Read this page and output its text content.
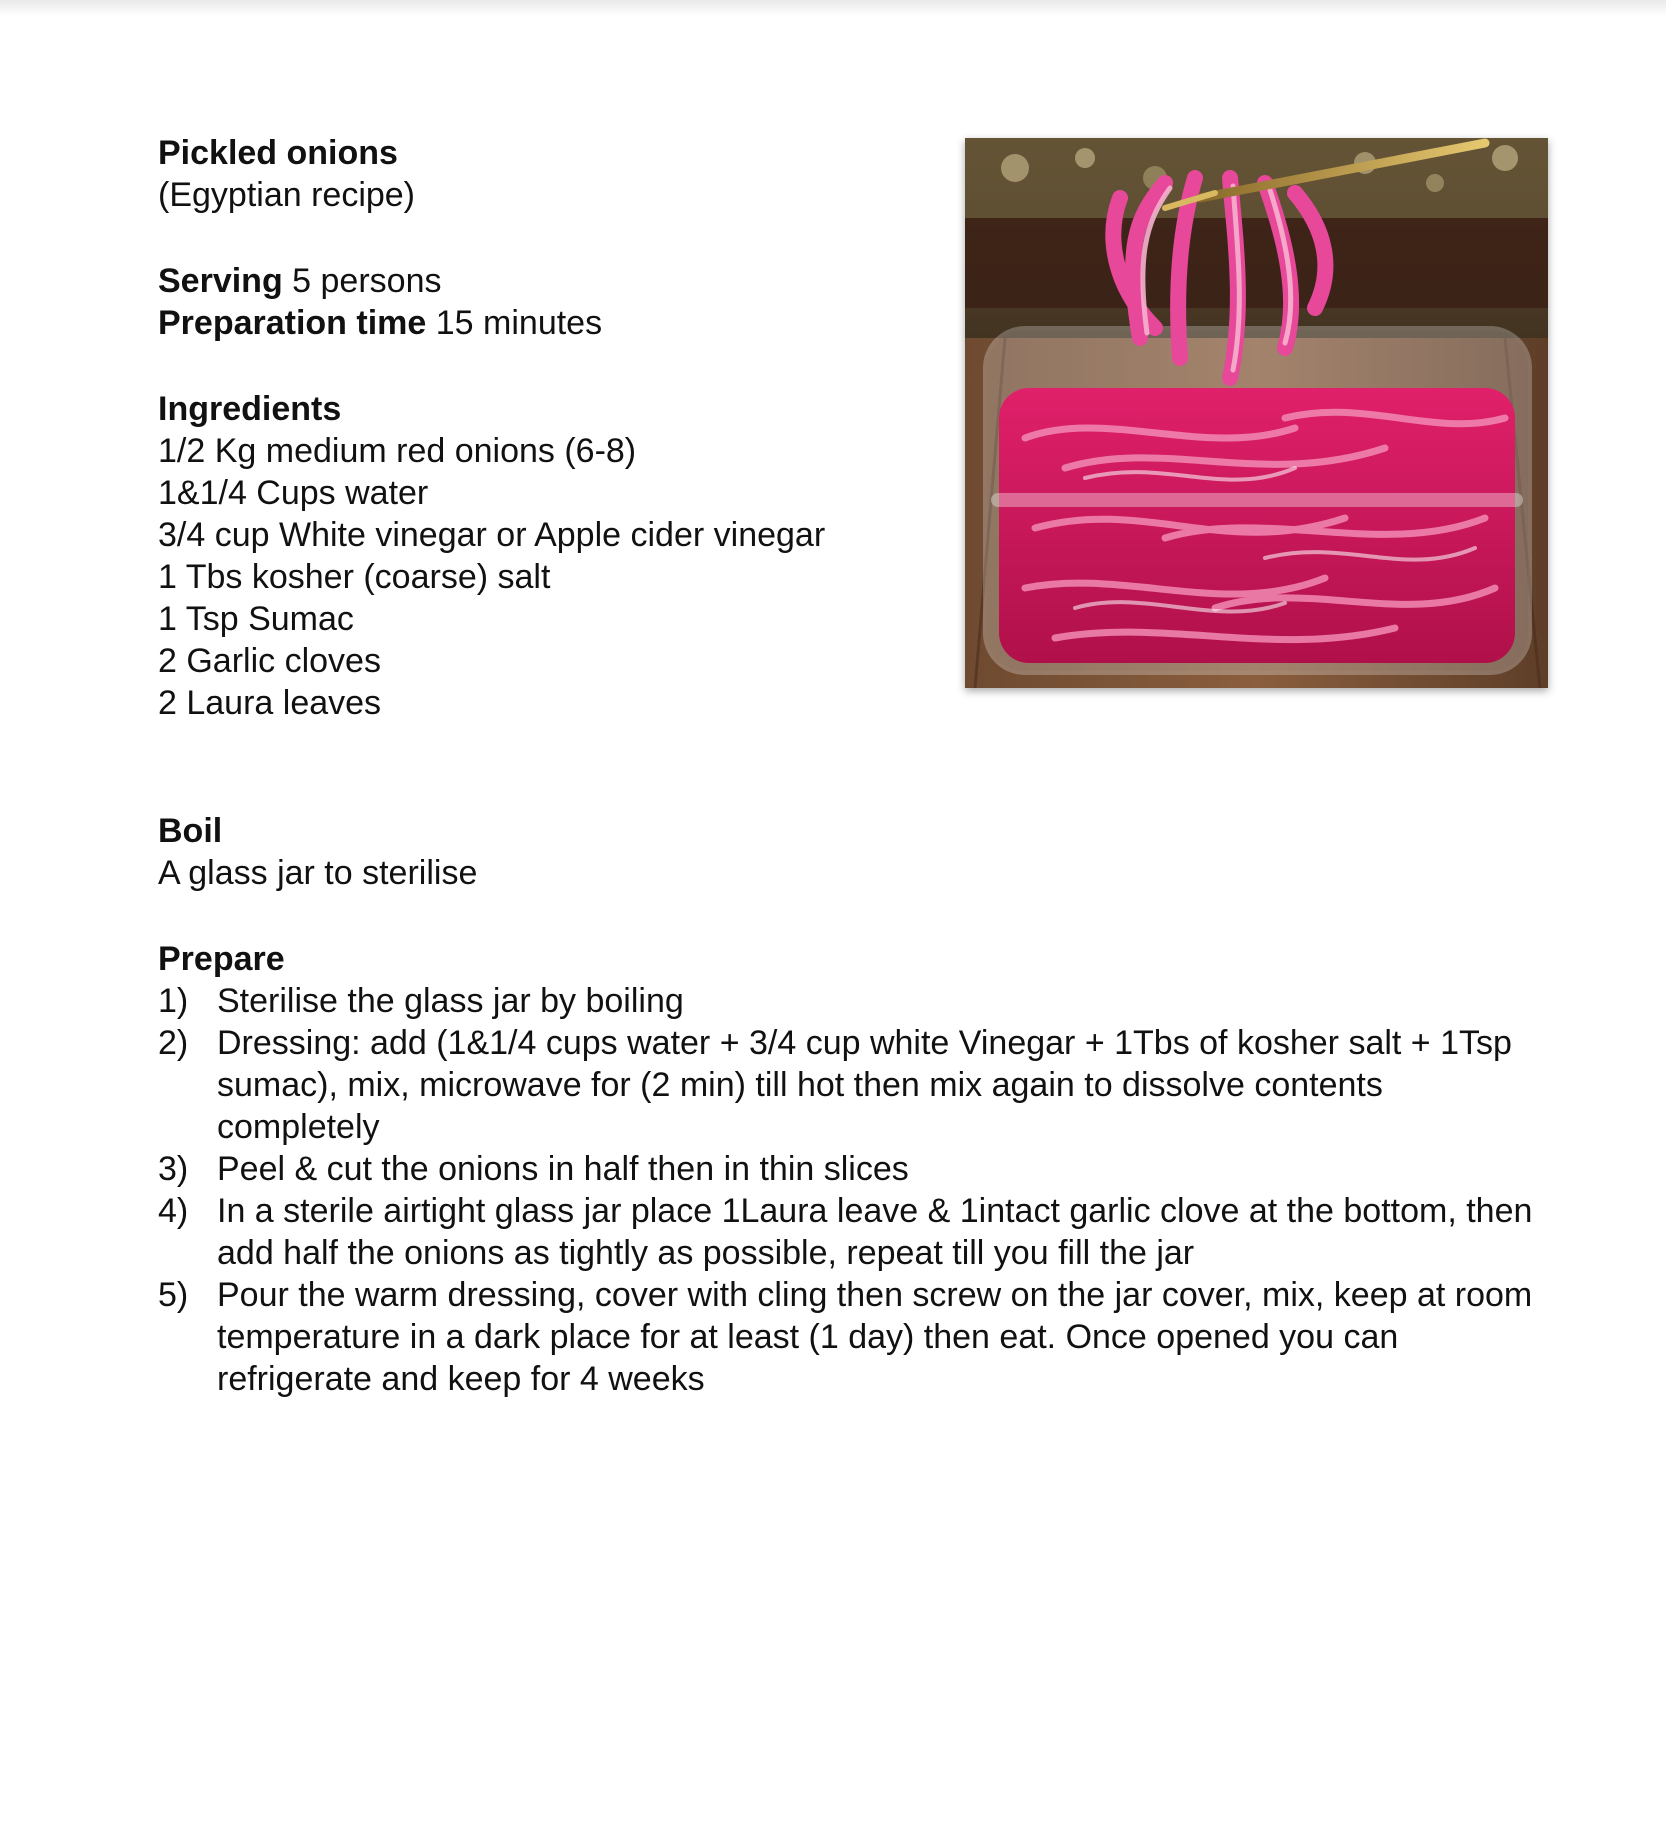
Pickled onions

(Egyptian recipe)

Serving 5 persons

Preparation time 15 minutes

Ingredients

1/2 Kg medium red onions (6-8)

1&1/4 Cups water

3/4 cup White vinegar or Apple cider vinegar

1 Tbs kosher (coarse) salt

1 Tsp Sumac

2 Garlic cloves

2 Laura leaves

Boil

A glass jar to sterilise

Prepare

1) Sterilise the glass jar by boiling
2) Dressing: add (1&1/4 cups water + 3/4 cup white Vinegar + 1Tbs of kosher salt + 1Tsp sumac), mix, microwave for (2 min) till hot then mix again to dissolve contents completely
3) Peel & cut the onions in half then in thin slices
4) In a sterile airtight glass jar place 1Laura leave & 1intact garlic clove at the bottom, then add half the onions as tightly as possible, repeat till you fill the jar
5) Pour the warm dressing, cover with cling then screw on the jar cover, mix, keep at room temperature in a dark place for at least (1 day) then eat. Once opened you can refrigerate and keep for 4 weeks
